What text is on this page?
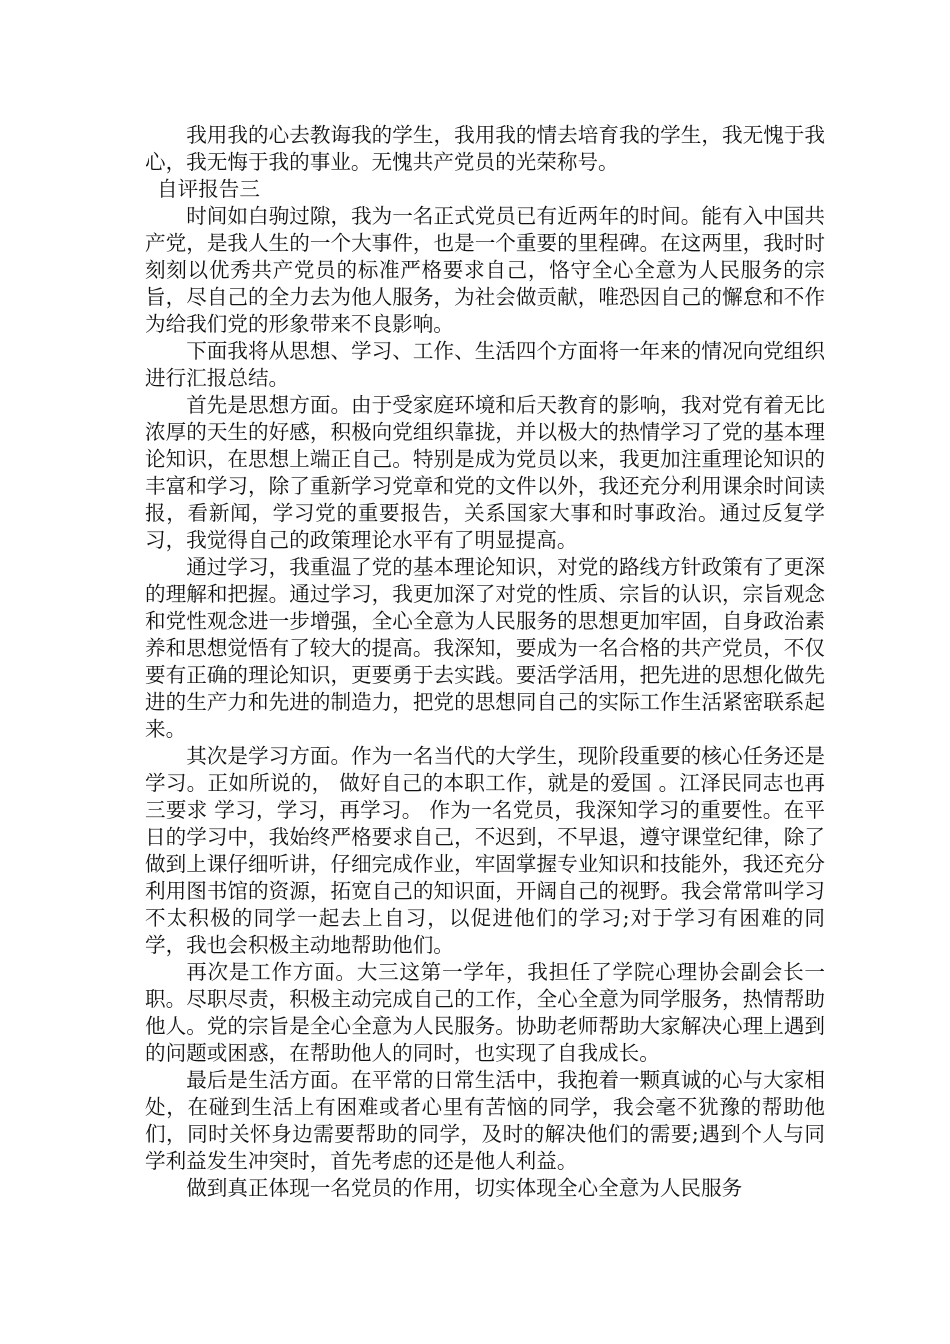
我用我的心去教诲我的学生，我用我的情去培育我的学生，我无愧于我心，我无悔于我的事业。无愧共产党员的光荣称号。

自评报告三

时间如白驹过隙，我为一名正式党员已有近两年的时间。能有入中国共产党，是我人生的一个大事件，也是一个重要的里程碑。在这两里，我时时刻刻以优秀共产党员的标准严格要求自己，恪守全心全意为人民服务的宗旨，尽自己的全力去为他人服务，为社会做贡献，唯恐因自己的懈怠和不作为给我们党的形象带来不良影响。

下面我将从思想、学习、工作、生活四个方面将一年来的情况向党组织进行汇报总结。

首先是思想方面。由于受家庭环境和后天教育的影响，我对党有着无比浓厚的天生的好感，积极向党组织靠拢，并以极大的热情学习了党的基本理论知识，在思想上端正自己。特别是成为党员以来，我更加注重理论知识的丰富和学习，除了重新学习党章和党的文件以外，我还充分利用课余时间读报，看新闻，学习党的重要报告，关系国家大事和时事政治。通过反复学习，我觉得自己的政策理论水平有了明显提高。

通过学习，我重温了党的基本理论知识，对党的路线方针政策有了更深的理解和把握。通过学习，我更加深了对党的性质、宗旨的认识，宗旨观念和党性观念进一步增强，全心全意为人民服务的思想更加牢固，自身政治素养和思想觉悟有了较大的提高。我深知，要成为一名合格的共产党员，不仅要有正确的理论知识，更要勇于去实践。要活学活用，把先进的思想化做先进的生产力和先进的制造力，把党的思想同自己的实际工作生活紧密联系起来。

其次是学习方面。作为一名当代的大学生，现阶段重要的核心任务还是学习。正如所说的， 做好自己的本职工作，就是的爱国 。江泽民同志也再三要求 学习，学习，再学习。 作为一名党员，我深知学习的重要性。在平日的学习中，我始终严格要求自己，不迟到，不早退，遵守课堂纪律，除了做到上课仔细听讲，仔细完成作业，牢固掌握专业知识和技能外，我还充分利用图书馆的资源，拓宽自己的知识面，开阔自己的视野。我会常常叫学习不太积极的同学一起去上自习，以促进他们的学习;对于学习有困难的同学，我也会积极主动地帮助他们。

再次是工作方面。大三这第一学年，我担任了学院心理协会副会长一职。尽职尽责，积极主动完成自己的工作，全心全意为同学服务，热情帮助他人。党的宗旨是全心全意为人民服务。协助老师帮助大家解决心理上遇到的问题或困惑，在帮助他人的同时，也实现了自我成长。

最后是生活方面。在平常的日常生活中，我抱着一颗真诚的心与大家相处，在碰到生活上有困难或者心里有苦恼的同学，我会毫不犹豫的帮助他们，同时关怀身边需要帮助的同学，及时的解决他们的需要;遇到个人与同学利益发生冲突时，首先考虑的还是他人利益。

做到真正体现一名党员的作用，切实体现全心全意为人民服务
